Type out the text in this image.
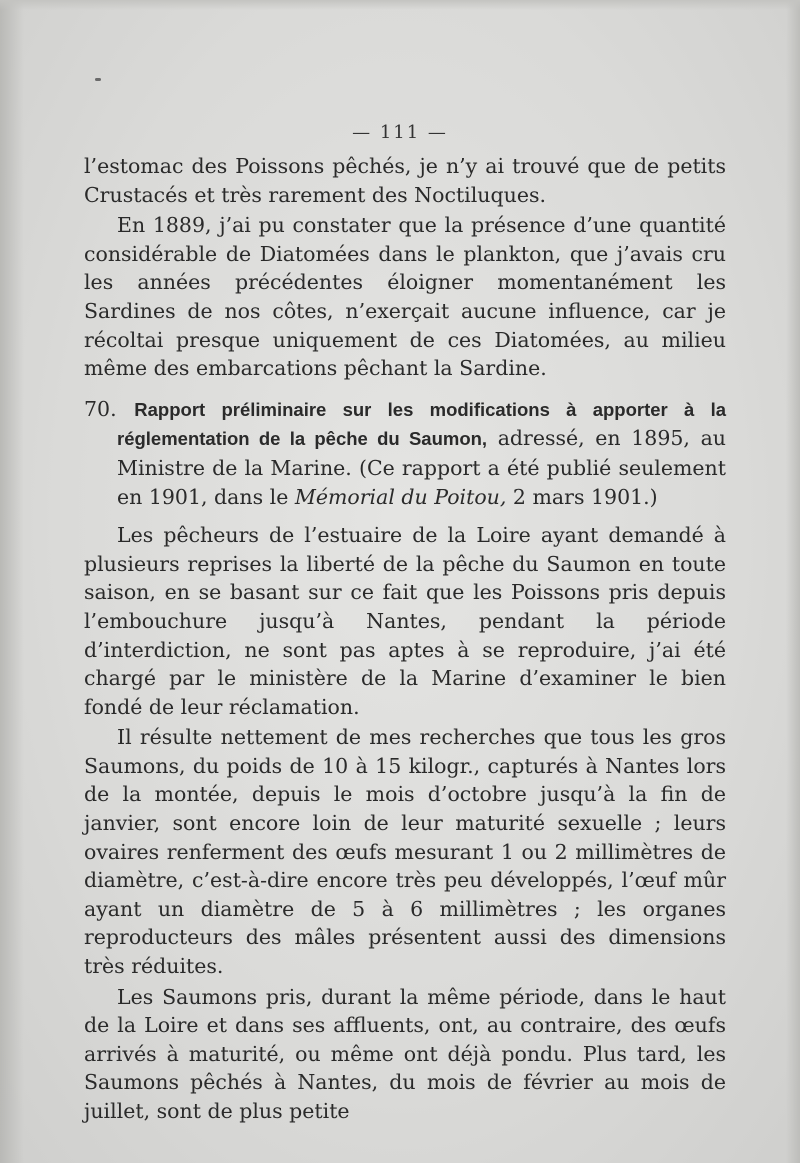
— 111 —

l’estomac des Poissons pêchés, je n’y ai trouvé que de petits Crustacés et très rarement des Noctiluques.

En 1889, j’ai pu constater que la présence d’une quantité considérable de Diatomées dans le plankton, que j’avais cru les années précédentes éloigner momentanément les Sardines de nos côtes, n’exerçait aucune influence, car je récoltai presque uniquement de ces Diatomées, au milieu même des embarcations pêchant la Sardine.

70. Rapport préliminaire sur les modifications à apporter à la réglementation de la pêche du Saumon, adressé, en 1895, au Ministre de la Marine. (Ce rapport a été publié seulement en 1901, dans le Mémorial du Poitou, 2 mars 1901.)

Les pêcheurs de l’estuaire de la Loire ayant demandé à plusieurs reprises la liberté de la pêche du Saumon en toute saison, en se basant sur ce fait que les Poissons pris depuis l’embouchure jusqu’à Nantes, pendant la période d’interdiction, ne sont pas aptes à se reproduire, j’ai été chargé par le ministère de la Marine d’examiner le bien fondé de leur réclamation.

Il résulte nettement de mes recherches que tous les gros Saumons, du poids de 10 à 15 kilogr., capturés à Nantes lors de la montée, depuis le mois d’octobre jusqu’à la fin de janvier, sont encore loin de leur maturité sexuelle ; leurs ovaires renferment des œufs mesurant 1 ou 2 millimètres de diamètre, c’est-à-dire encore très peu développés, l’œuf mûr ayant un diamètre de 5 à 6 millimètres ; les organes reproducteurs des mâles présentent aussi des dimensions très réduites.

Les Saumons pris, durant la même période, dans le haut de la Loire et dans ses affluents, ont, au contraire, des œufs arrivés à maturité, ou même ont déjà pondu. Plus tard, les Saumons pêchés à Nantes, du mois de février au mois de juillet, sont de plus petite
